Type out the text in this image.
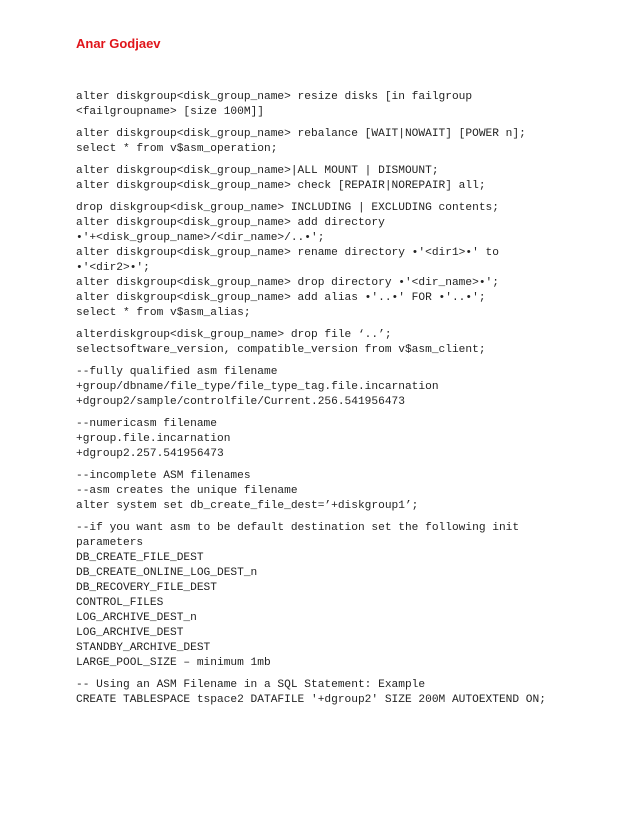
Anar Godjaev
alter diskgroup<disk_group_name> resize disks [in failgroup
<failgroupname> [size 100M]]
alter diskgroup<disk_group_name> rebalance [WAIT|NOWAIT] [POWER n];
select * from v$asm_operation;
alter diskgroup<disk_group_name>|ALL MOUNT | DISMOUNT;
alter diskgroup<disk_group_name> check [REPAIR|NOREPAIR] all;
drop diskgroup<disk_group_name> INCLUDING | EXCLUDING contents;
alter diskgroup<disk_group_name> add directory
•'+<disk_group_name>/<dir_name>/..•';
alter diskgroup<disk_group_name> rename directory •'<dir1>•' to
•'<dir2>•';
alter diskgroup<disk_group_name> drop directory •'<dir_name>•';
alter diskgroup<disk_group_name> add alias •'..•' FOR •'..•';
select * from v$asm_alias;
alterdiskgroup<disk_group_name> drop file ‘..’;
selectsoftware_version, compatible_version from v$asm_client;
--fully qualified asm filename
+group/dbname/file_type/file_type_tag.file.incarnation
+dgroup2/sample/controlfile/Current.256.541956473
--numericasm filename
+group.file.incarnation
+dgroup2.257.541956473
--incomplete ASM filenames
--asm creates the unique filename
alter system set db_create_file_dest=’+diskgroup1’;
--if you want asm to be default destination set the following init
parameters
DB_CREATE_FILE_DEST
DB_CREATE_ONLINE_LOG_DEST_n
DB_RECOVERY_FILE_DEST
CONTROL_FILES
LOG_ARCHIVE_DEST_n
LOG_ARCHIVE_DEST
STANDBY_ARCHIVE_DEST
LARGE_POOL_SIZE – minimum 1mb
-- Using an ASM Filename in a SQL Statement: Example
CREATE TABLESPACE tspace2 DATAFILE '+dgroup2' SIZE 200M AUTOEXTEND ON;
